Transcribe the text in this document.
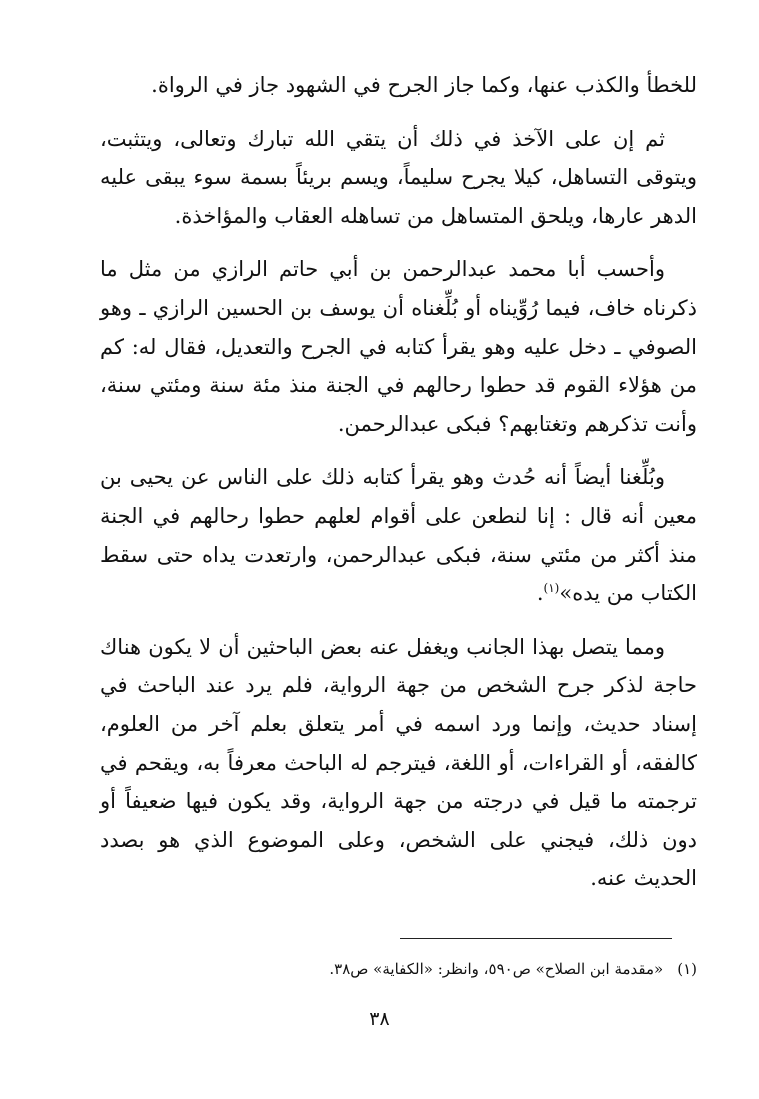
للخطأ والكذب عنها، وكما جاز الجرح في الشهود جاز في الرواة.

ثم إن على الآخذ في ذلك أن يتقي الله تبارك وتعالى، ويتثبت، ويتوقى التساهل، كيلا يجرح سليماً، ويسم بريئاً بسمة سوء يبقى عليه الدهر عارها، ويلحق المتساهل من تساهله العقاب والمؤاخذة.

وأحسب أبا محمد عبدالرحمن بن أبي حاتم الرازي من مثل ما ذكرناه خاف، فيما رُوِّيناه أو بُلِّغناه أن يوسف بن الحسين الرازي ـ وهو الصوفي ـ دخل عليه وهو يقرأ كتابه في الجرح والتعديل، فقال له: كم من هؤلاء القوم قد حطوا رحالهم في الجنة منذ مئة سنة ومئتي سنة، وأنت تذكرهم وتغتابهم؟ فبكى عبدالرحمن.

وبُلِّغنا أيضاً أنه حُدث وهو يقرأ كتابه ذلك على الناس عن يحيى بن معين أنه قال : إنا لنطعن على أقوام لعلهم حطوا رحالهم في الجنة منذ أكثر من مئتي سنة، فبكى عبدالرحمن، وارتعدت يداه حتى سقط الكتاب من يده»$^{(١)}$.

ومما يتصل بهذا الجانب ويغفل عنه بعض الباحثين أن لا يكون هناك حاجة لذكر جرح الشخص من جهة الرواية، فلم يرد عند الباحث في إسناد حديث، وإنما ورد اسمه في أمر يتعلق بعلم آخر من العلوم، كالفقه، أو القراءات، أو اللغة، فيترجم له الباحث معرفاً به، ويقحم في ترجمته ما قيل في درجته من جهة الرواية، وقد يكون فيها ضعيفاً أو دون ذلك، فيجني على الشخص، وعلى الموضوع الذي هو بصدد الحديث عنه.

(١)«مقدمة ابن الصلاح» ص٥٩٠، وانظر: «الكفاية» ص٣٨.

٣٨
